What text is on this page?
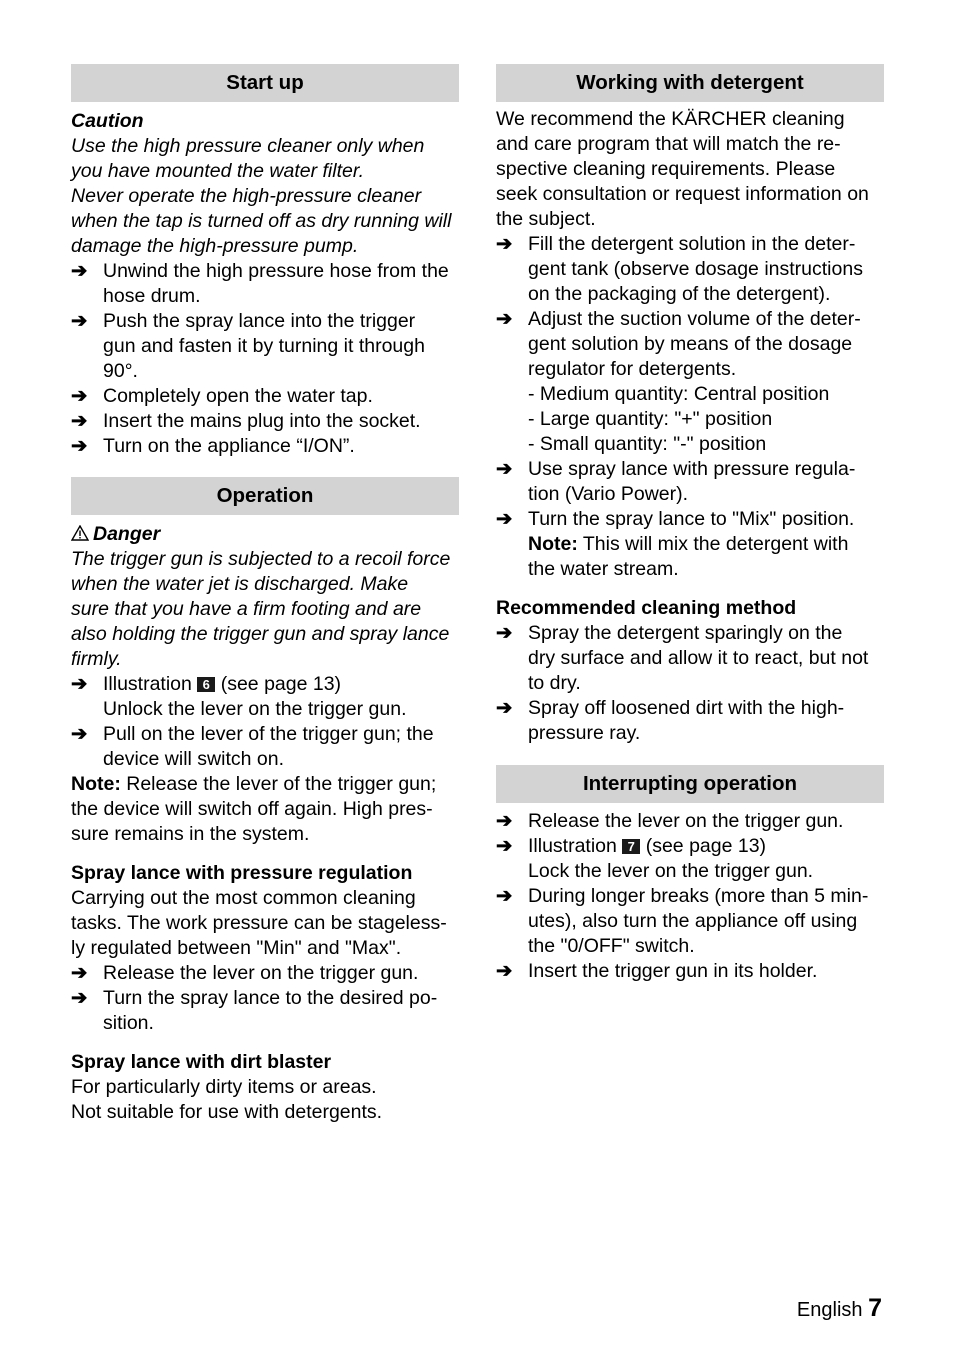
Start up
Caution
Use the high pressure cleaner only when
you have mounted the water filter.
Never operate the high-pressure cleaner
when the tap is turned off as dry running will
damage the high-pressure pump.
➔ Unwind the high pressure hose from the
hose drum.
➔ Push the spray lance into the trigger
gun and fasten it by turning it through
90°.
➔ Completely open the water tap.
➔ Insert the mains plug into the socket.
➔ Turn on the appliance “I/ON”.
Operation
Danger
The trigger gun is subjected to a recoil force
when the water jet is discharged. Make
sure that you have a firm footing and are
also holding the trigger gun and spray lance
firmly.
➔ Illustration 6 (see page 13)
Unlock the lever on the trigger gun.
➔ Pull on the lever of the trigger gun; the
device will switch on.
Note: Release the lever of the trigger gun;
the device will switch off again. High pres-
sure remains in the system.
Spray lance with pressure regulation
Carrying out the most common cleaning
tasks. The work pressure can be stageless-
ly regulated between "Min" and "Max".
➔ Release the lever on the trigger gun.
➔ Turn the spray lance to the desired po-
sition.
Spray lance with dirt blaster
For particularly dirty items or areas.
Not suitable for use with detergents.
Working with detergent
We recommend the KÄRCHER cleaning
and care program that will match the re-
spective cleaning requirements. Please
seek consultation or request information on
the subject.
➔ Fill the detergent solution in the deter-
gent tank (observe dosage instructions
on the packaging of the detergent).
➔ Adjust the suction volume of the deter-
gent solution by means of the dosage
regulator for detergents.
- Medium quantity: Central position
- Large quantity: "+" position
- Small quantity: "-" position
➔ Use spray lance with pressure regula-
tion (Vario Power).
➔ Turn the spray lance to "Mix" position.
Note: This will mix the detergent with
the water stream.
Recommended cleaning method
➔ Spray the detergent sparingly on the
dry surface and allow it to react, but not
to dry.
➔ Spray off loosened dirt with the high-
pressure ray.
Interrupting operation
➔ Release the lever on the trigger gun.
➔ Illustration 7 (see page 13)
Lock the lever on the trigger gun.
➔ During longer breaks (more than 5 min-
utes), also turn the appliance off using
the "0/OFF" switch.
➔ Insert the trigger gun in its holder.
English 7
